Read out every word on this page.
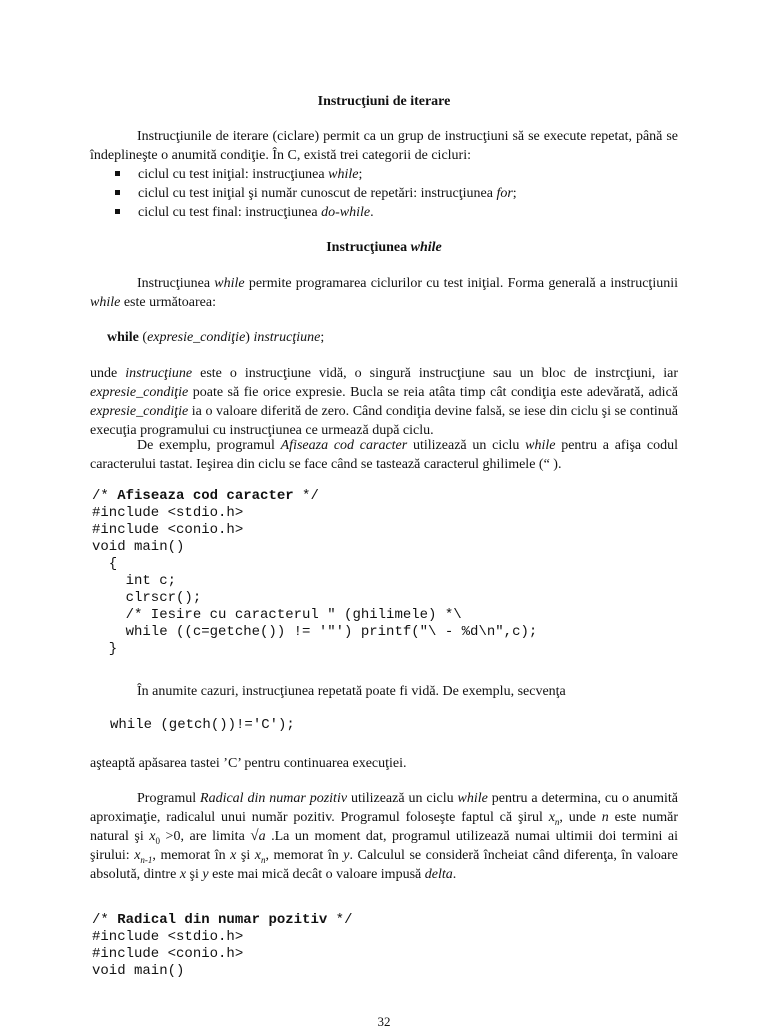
Instrucţiuni de iterare
Instrucţiunile de iterare (ciclare) permit ca un grup de instrucţiuni să se execute repetat, până se îndeplineşte o anumită condiţie. În C, există trei categorii de cicluri:
ciclul cu test iniţial: instrucţiunea while;
ciclul cu test iniţial şi număr cunoscut de repetări: instrucţiunea for;
ciclul cu test final: instrucţiunea do-while.
Instrucţiunea while
Instrucţiunea while permite programarea ciclurilor cu test iniţial. Forma generală a instrucţiunii while este următoarea:
while (expresie_condiţie) instrucţiune;
unde instrucţiune este o instrucţiune vidă, o singură instrucţiune sau un bloc de instrcţiuni, iar expresie_condiţie poate să fie orice expresie. Bucla se reia atâta timp cât condiţia este adevărată, adică expresie_condiţie ia o valoare diferită de zero. Când condiţia devine falsă, se iese din ciclu şi se continuă execuţia programului cu instrucţiunea ce urmează după ciclu.
De exemplu, programul Afiseaza cod caracter utilizează un ciclu while pentru a afişa codul caracterului tastat. Ieşirea din ciclu se face când se tastează caracterul ghilimele (“ ).
/* Afiseaza cod caracter */
#include <stdio.h>
#include <conio.h>
void main()
{
int c;
clrscr();
/* Iesire cu caracterul " (ghilimele) *\
while ((c=getche()) != '"') printf("\ - %d\n",c);
}
În anumite cazuri, instrucţiunea repetată poate fi vidă. De exemplu, secvenţa
while (getch())!='C');
aşteaptă apăsarea tastei ’C’ pentru continuarea execuţiei.
Programul Radical din numar pozitiv utilizează un ciclu while pentru a determina, cu o anumită aproximaţie, radicalul unui număr pozitiv. Programul foloseşte faptul că şirul $x_n$, unde n este număr natural şi $x_0 >0$, are limita √a .La un moment dat, programul utilizează numai ultimii doi termini ai şirului: $x_{n-1}$, memorat în x şi $x_n$, memorat în y. Calculul se consideră încheiat când diferenţa, în valoare absolută, dintre x şi y este mai mică decât o valoare impusă delta.
/* Radical din numar pozitiv */
#include <stdio.h>
#include <conio.h>
void main()
32
